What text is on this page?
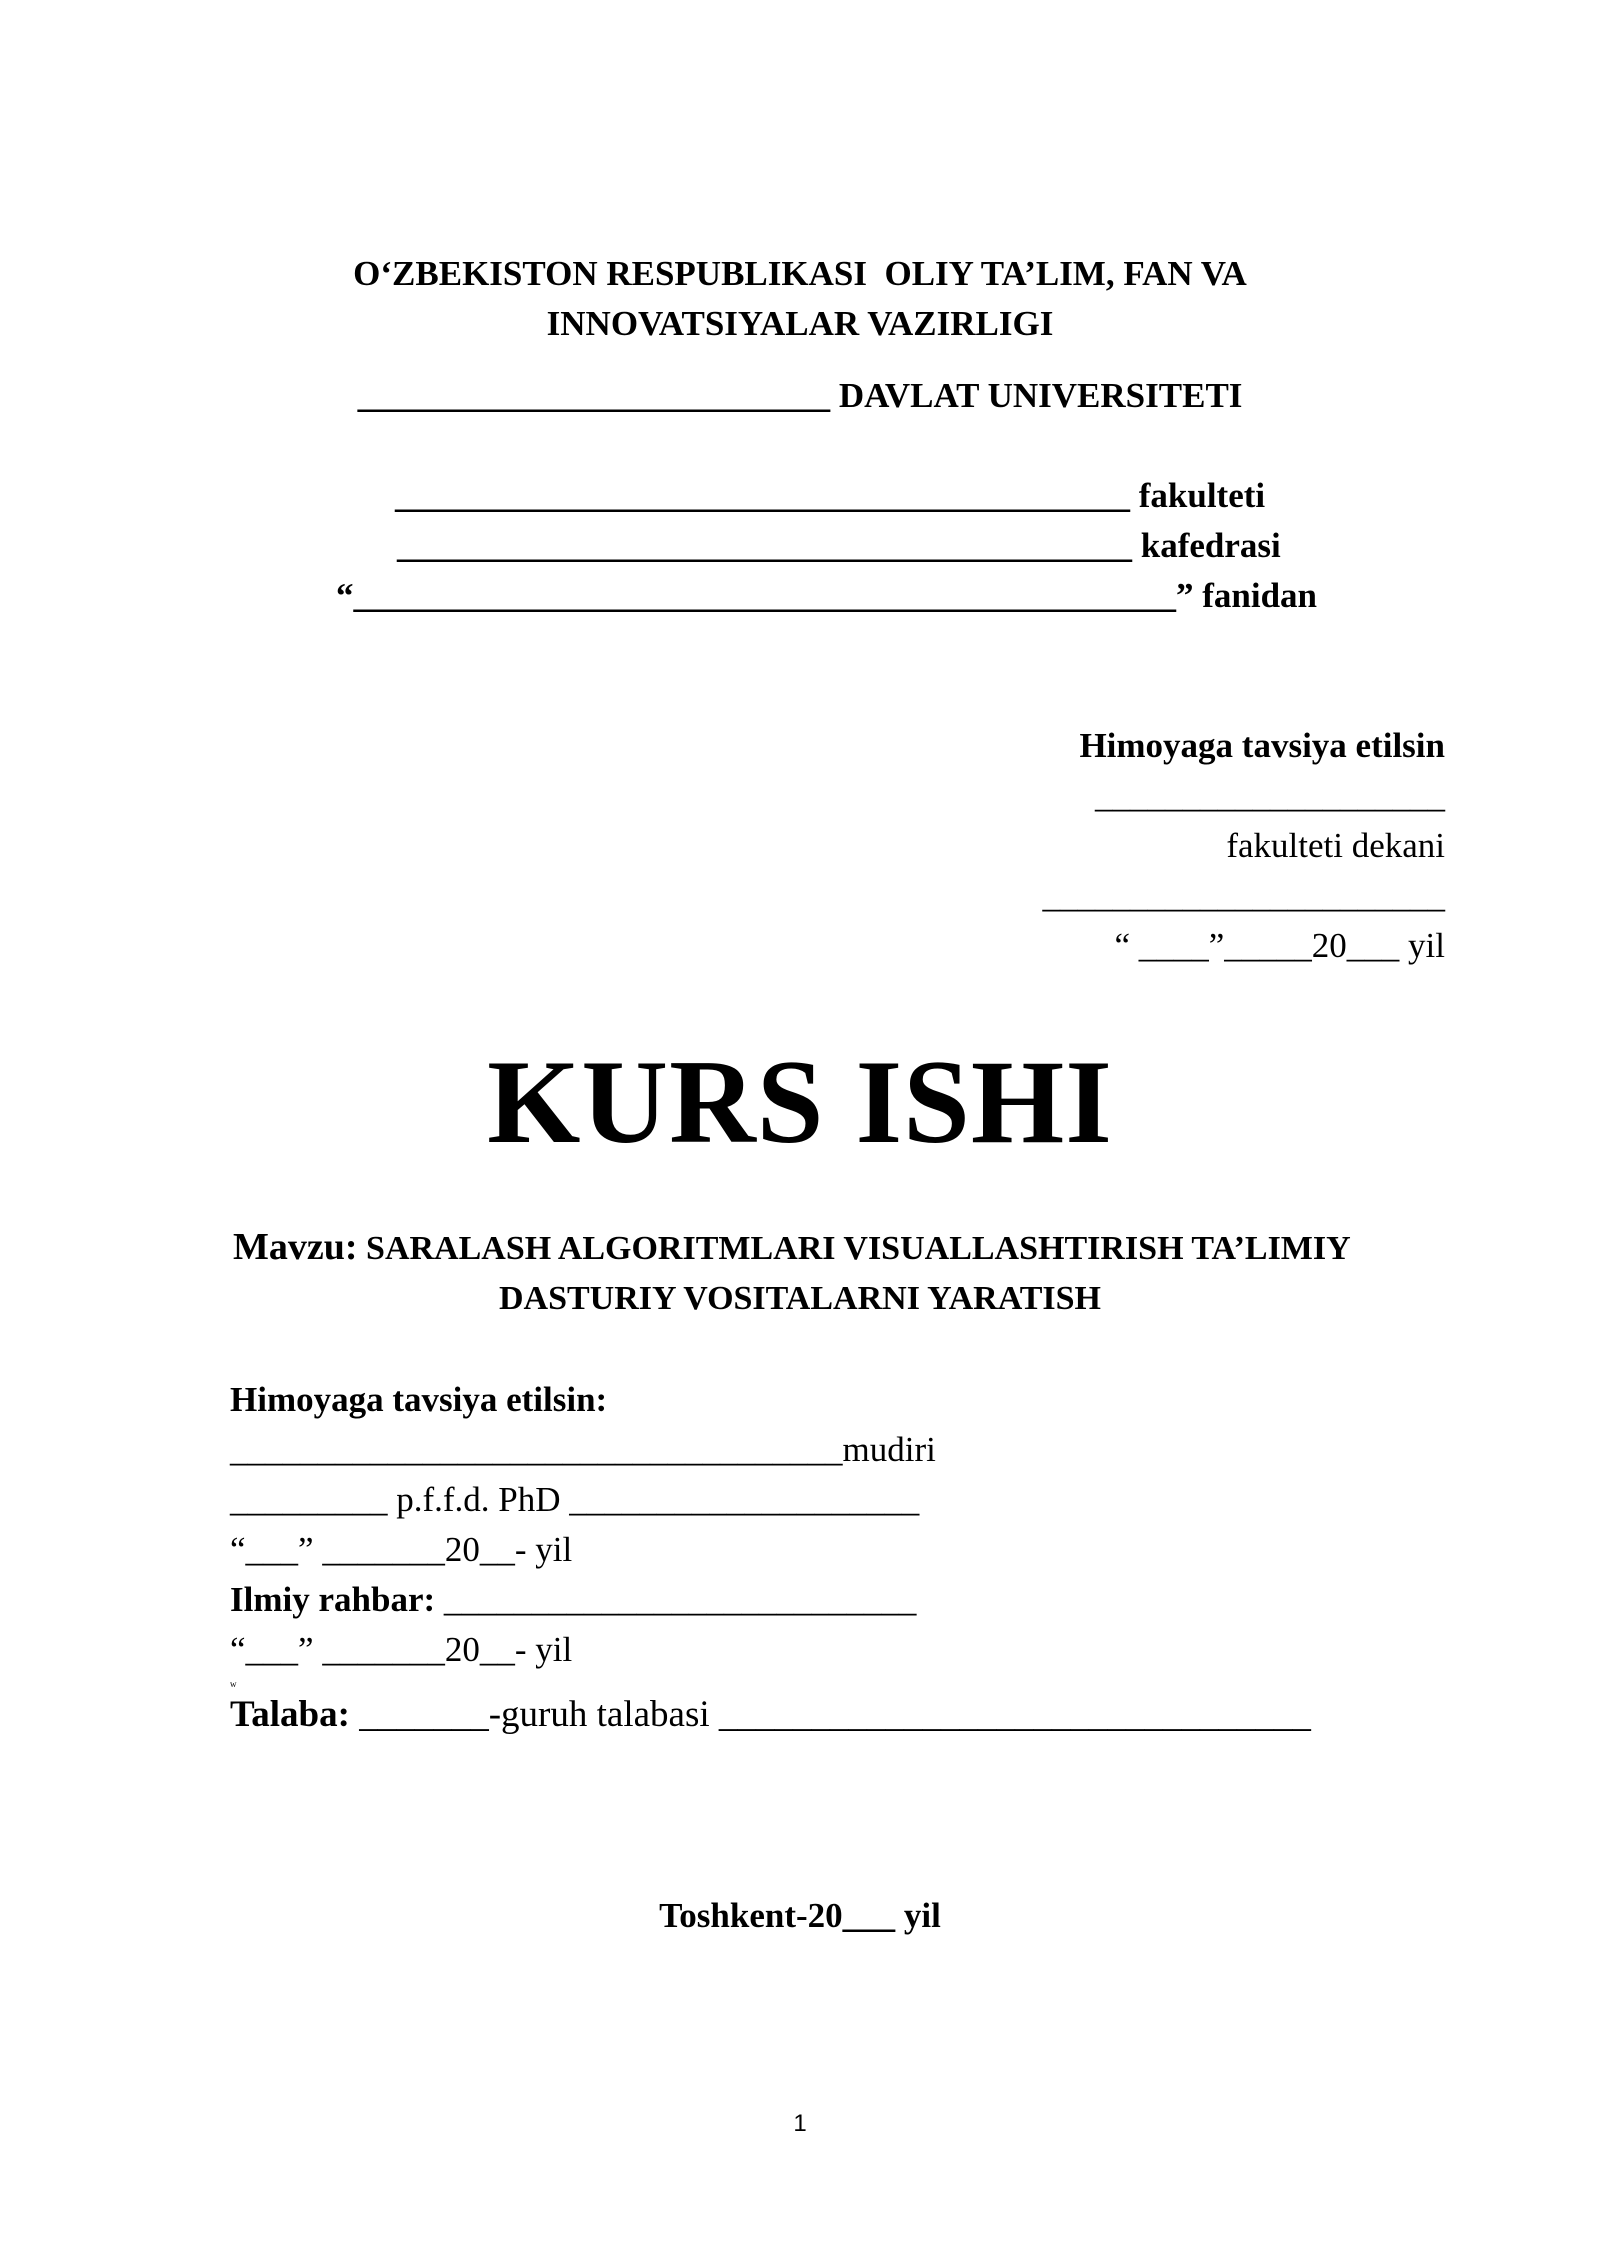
O‘ZBEKISTON RESPUBLIKASI  OLIY TA’LIM, FAN VA
INNOVATSIYALAR VAZIRLIGI
___________________________ DAVLAT UNIVERSITETI
__________________________________________ fakulteti
__________________________________________ kafedrasi
“_______________________________________________” fanidan
Himoyaga tavsiya etilsin
____________________
fakulteti dekani
_______________________
“ ____”_____20___ yil
KURS ISHI
Mavzu: SARALASH ALGORITMLARI VISUALLASHTIRISH TA’LIMIY
DASTURIY VOSITALARNI YARATISH
Himoyaga tavsiya etilsin:
___________________________________mudiri
_________ p.f.f.d. PhD ____________________
“___” _______20__- yil
Ilmiy rahbar: ___________________________
“___” _______20__- yil
w
Talaba: _______-guruh talabasi ________________________________
Toshkent-20___ yil
1
